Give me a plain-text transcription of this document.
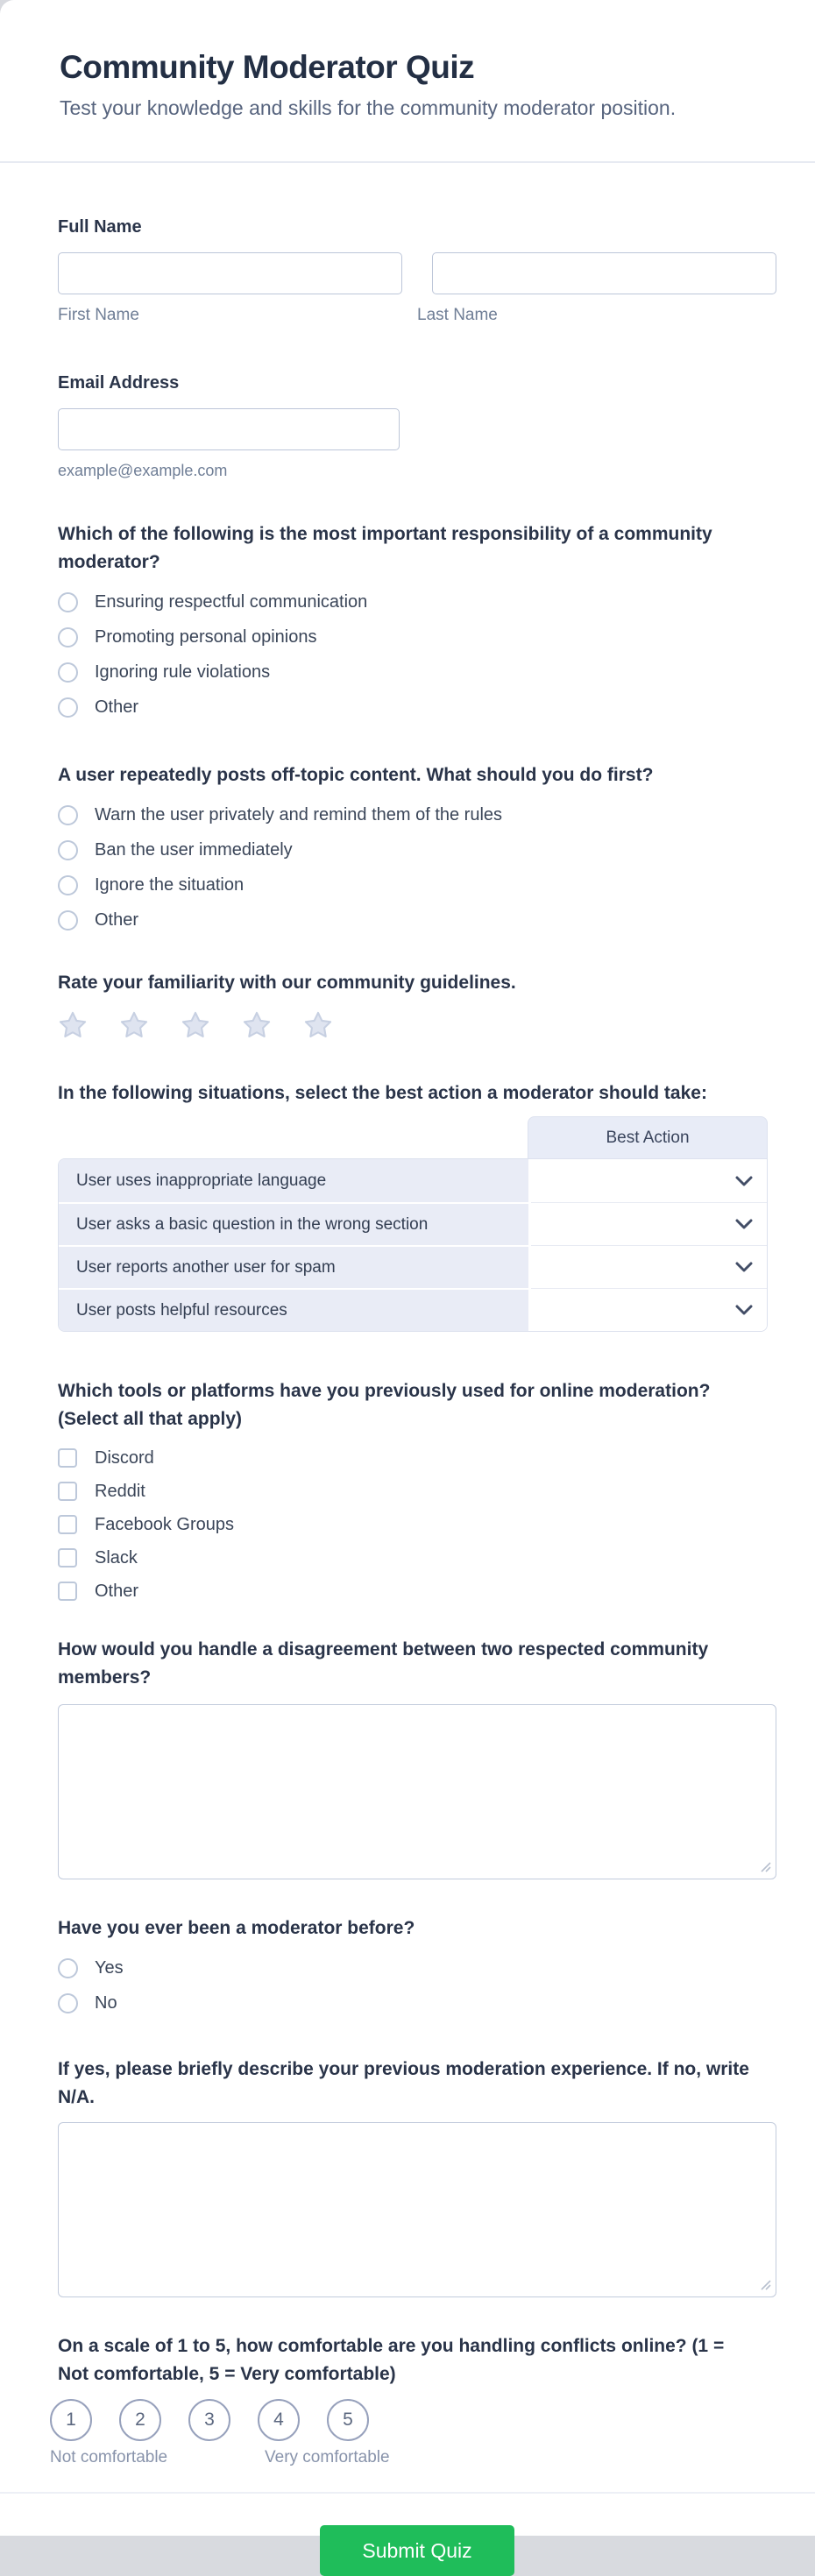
Community Moderator Quiz
Test your knowledge and skills for the community moderator position.
Full Name
First Name	Last Name
Email Address
example@example.com
Which of the following is the most important responsibility of a community moderator?
Ensuring respectful communication
Promoting personal opinions
Ignoring rule violations
Other
A user repeatedly posts off-topic content. What should you do first?
Warn the user privately and remind them of the rules
Ban the user immediately
Ignore the situation
Other
Rate your familiarity with our community guidelines.
In the following situations, select the best action a moderator should take:
Best Action
User uses inappropriate language
User asks a basic question in the wrong section
User reports another user for spam
User posts helpful resources
Which tools or platforms have you previously used for online moderation? (Select all that apply)
Discord
Reddit
Facebook Groups
Slack
Other
How would you handle a disagreement between two respected community members?
Have you ever been a moderator before?
Yes
No
If yes, please briefly describe your previous moderation experience. If no, write N/A.
On a scale of 1 to 5, how comfortable are you handling conflicts online? (1 = Not comfortable, 5 = Very comfortable)
1	2	3	4	5
Not comfortable	Very comfortable
Submit Quiz
